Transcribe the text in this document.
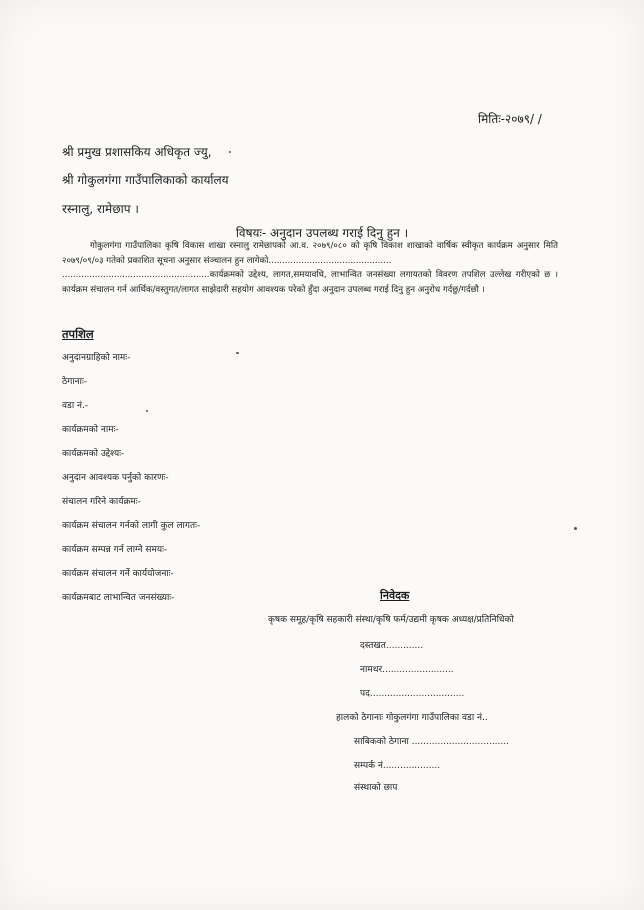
मितिः-२०७९/ /
श्री प्रमुख प्रशासकिय अधिकृत ज्यु,
श्री गोकुलगंगा गाउँपालिकाको कार्यालय
रस्नालु, रामेछाप ।
विषयः- अनुदान उपलब्ध गराई दिनु हुन ।

गोकुलगंगा गाउँपालिका कृषि विकास शाखा रस्नालु रामेछापको आ.व. २०७९/०८० को कृषि विकाश शाखाको वार्षिक स्वीकृत कार्यक्रम अनुसार मिति २०७९/०९/०३ गतेको प्रकाशित सूचना अनुसार संञ्चालन हुन लागेको.............................................

......................................................कार्यक्रमको उद्देश्य, लागत,समयावधि, लाभान्वित जनसंख्या लगायतको विवरण तपशिल उल्लेख गरीएको छ । कार्यक्रम संचालन गर्न आर्थिक/वस्तुगत/लागत साझेदारी सहयोग आवश्यक परेको हुँदा अनुदान उपलब्ध गराई दिनु हुन अनुरोध गर्दछु/गर्दछौ ।

तपशिल
अनुदानग्राहिको नामः-
ठेगानाः-
वडा नं.-
कार्यक्रमको नामः-
कार्यक्रमको उद्देश्यः-
अनुदान आवश्यक पर्नुको कारणः-
संचालन गरिने कार्यक्रमः-
कार्यक्रम संचालन गर्नको लागी कुल लागतः-
कार्यक्रम सम्पन्न गर्न लाग्ने समयः-
कार्यक्रम संचालन गर्ने कार्ययोजनाः-
कार्यक्रमबाट लाभान्वित जनसंख्याः-	निवेदक
कृषक समूह/कृषि सहकारी संस्था/कृषि फर्म/उद्यमी कृषक अध्यक्ष/प्रतिनिधिको
दस्तखत.............
नामथर.........................
पद.................................
हालको ठेगानाः गोकुलगंगा गाउँपालिका वडा नं..
साबिकको ठेगाना ..................................
सम्पर्क नं....................
संस्थाको छाप
